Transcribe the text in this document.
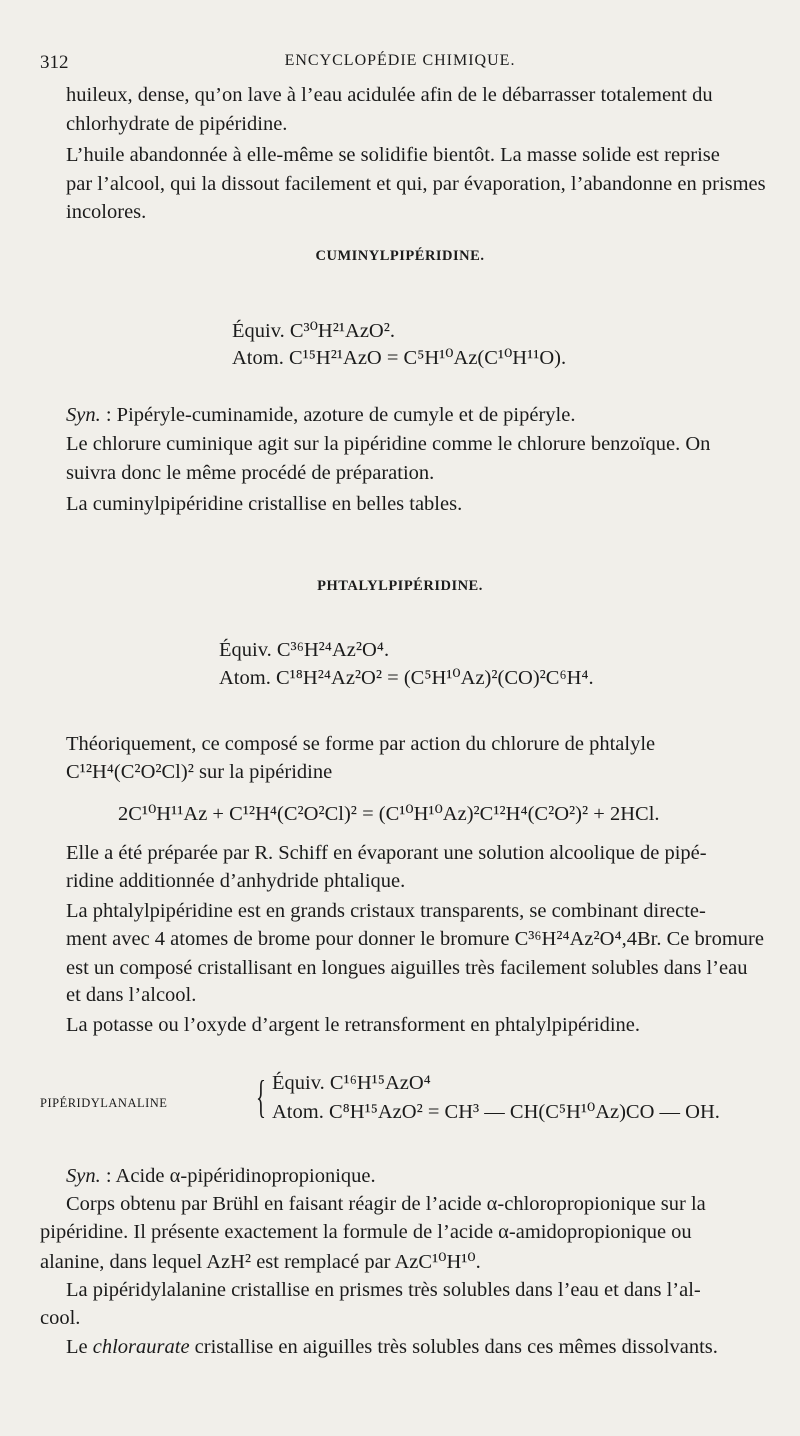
312	ENCYCLOPÉDIE CHIMIQUE.
huileux, dense, qu’on lave à l’eau acidulée afin de le débarrasser totalement du
chlorhydrate de pipéridine.
L’huile abandonnée à elle-même se solidifie bientôt. La masse solide est reprise
par l’alcool, qui la dissout facilement et qui, par évaporation, l’abandonne en prismes
incolores.
CUMINYLPIPÉRIDINE.
Équiv. C³⁰H²¹AzO².
Atom. C¹⁵H²¹AzO = C⁵H¹⁰Az(C¹⁰H¹¹O).
Syn. : Pipéryle-cuminamide, azoture de cumyle et de pipéryle.
Le chlorure cuminique agit sur la pipéridine comme le chlorure benzoïque. On
suivra donc le même procédé de préparation.
La cuminylpipéridine cristallise en belles tables.
PHTALYLPIPÉRIDINE.
Équiv. C³⁶H²⁴Az²O⁴.
Atom. C¹⁸H²⁴Az²O² = (C⁵H¹⁰Az)²(CO)²C⁶H⁴.
Théoriquement, ce composé se forme par action du chlorure de phtalyle
C¹²H⁴(C²O²Cl)² sur la pipéridine
2C¹⁰H¹¹Az + C¹²H⁴(C²O²Cl)² = (C¹⁰H¹⁰Az)²C¹²H⁴(C²O²)² + 2HCl.
Elle a été préparée par R. Schiff en évaporant une solution alcoolique de pipé-
ridine additionnée d’anhydride phtalique.
La phtalylpipéridine est en grands cristaux transparents, se combinant directe-
ment avec 4 atomes de brome pour donner le bromure C³⁶H²⁴Az²O⁴,4Br. Ce bromure
est un composé cristallisant en longues aiguilles très facilement solubles dans l’eau
et dans l’alcool.
La potasse ou l’oxyde d’argent le retransforment en phtalylpipéridine.
PIPÉRIDYLANALINE { Équiv. C¹⁶H¹⁵AzO⁴
Atom. C⁸H¹⁵AzO² = CH³ — CH(C⁵H¹⁰Az)CO — OH.
Syn. : Acide α-pipéridinopropionique.
Corps obtenu par Brühl en faisant réagir de l’acide α-chloropropionique sur la
pipéridine. Il présente exactement la formule de l’acide α-amidopropionique ou
alanine, dans lequel AzH² est remplacé par AzC¹⁰H¹⁰.
La pipéridylalanine cristallise en prismes très solubles dans l’eau et dans l’al-
cool.
Le chloraurate cristallise en aiguilles très solubles dans ces mêmes dissolvants.
